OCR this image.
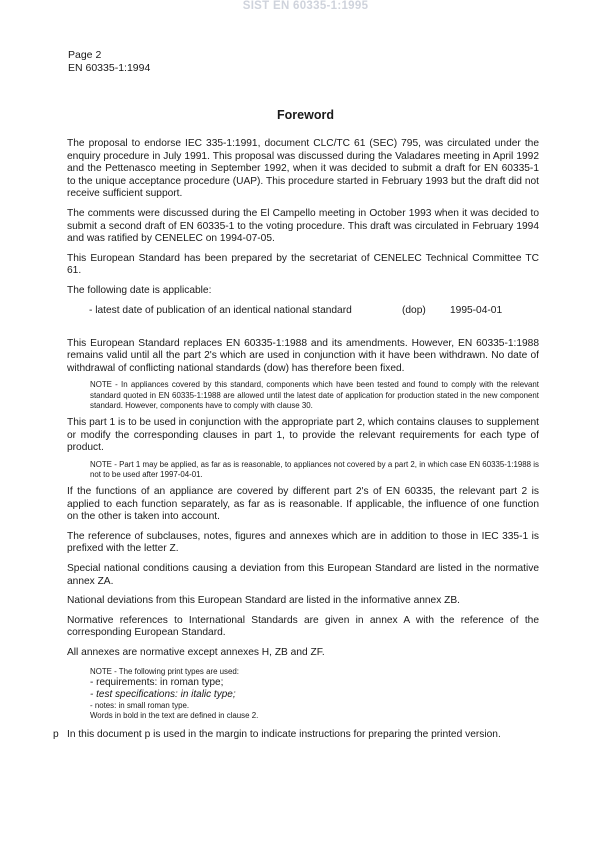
SIST EN 60335-1:1995
Page 2
EN 60335-1:1994
Foreword

The proposal to endorse IEC 335-1:1991, document CLC/TC 61 (SEC) 795, was circulated under the enquiry procedure in July 1991. This proposal was discussed during the Valadares meeting in April 1992 and the Pettenasco meeting in September 1992, when it was decided to submit a draft for EN 60335-1 to the unique acceptance procedure (UAP). This procedure started in February 1993 but the draft did not receive sufficient support.

The comments were discussed during the El Campello meeting in October 1993 when it was decided to submit a second draft of EN 60335-1 to the voting procedure. This draft was circulated in February 1994 and was ratified by CENELEC on 1994-07-05.

This European Standard has been prepared by the secretariat of CENELEC Technical Committee TC 61.

The following date is applicable:

- latest date of publication of an identical national standard	(dop) 1995-04-01

This European Standard replaces EN 60335-1:1988 and its amendments. However, EN 60335-1:1988 remains valid until all the part 2's which are used in conjunction with it have been withdrawn. No date of withdrawal of conflicting national standards (dow) has therefore been fixed.

NOTE - In appliances covered by this standard, components which have been tested and found to comply with the relevant standard quoted in EN 60335-1:1988 are allowed until the latest date of application for production stated in the new component standard. However, components have to comply with clause 30.

This part 1 is to be used in conjunction with the appropriate part 2, which contains clauses to supplement or modify the corresponding clauses in part 1, to provide the relevant requirements for each type of product.

NOTE - Part 1 may be applied, as far as is reasonable, to appliances not covered by a part 2, in which case EN 60335-1:1988 is not to be used after 1997-04-01.

If the functions of an appliance are covered by different part 2's of EN 60335, the relevant part 2 is applied to each function separately, as far as is reasonable. If applicable, the influence of one function on the other is taken into account.

The reference of subclauses, notes, figures and annexes which are in addition to those in IEC 335-1 is prefixed with the letter Z.

Special national conditions causing a deviation from this European Standard are listed in the normative annex ZA.

National deviations from this European Standard are listed in the informative annex ZB.

Normative references to International Standards are given in annex A with the reference of the corresponding European Standard.

All annexes are normative except annexes H, ZB and ZF.

NOTE - The following print types are used:
- requirements: in roman type;
- test specifications: in italic type;
- notes: in small roman type.
Words in bold in the text are defined in clause 2.
p In this document p is used in the margin to indicate instructions for preparing the printed version.
